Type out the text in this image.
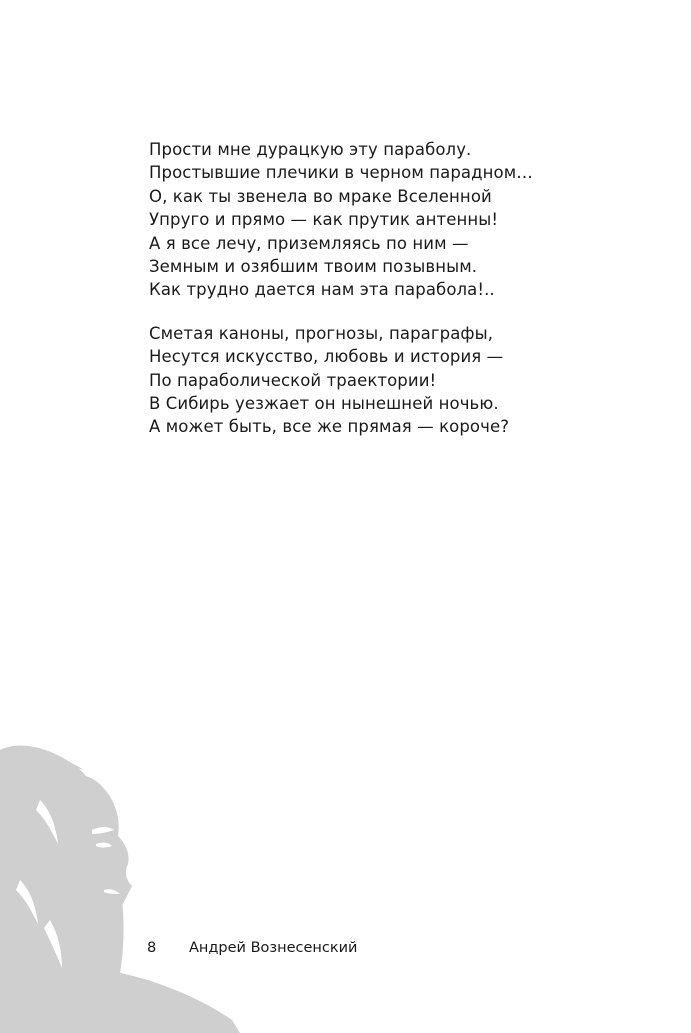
Прости мне дурацкую эту параболу.
Простывшие плечики в черном парадном…
О, как ты звенела во мраке Вселенной
Упруго и прямо — как прутик антенны!
А я все лечу, приземляясь по ним —
Земным и озябшим твоим позывным.
Как трудно дается нам эта парабола!..
Сметая каноны, прогнозы, параграфы,
Несутся искусство, любовь и история —
По параболической траектории!
В Сибирь уезжает он нынешней ночью.
А может быть, все же прямая — короче?
8 Андрей Вознесенский
